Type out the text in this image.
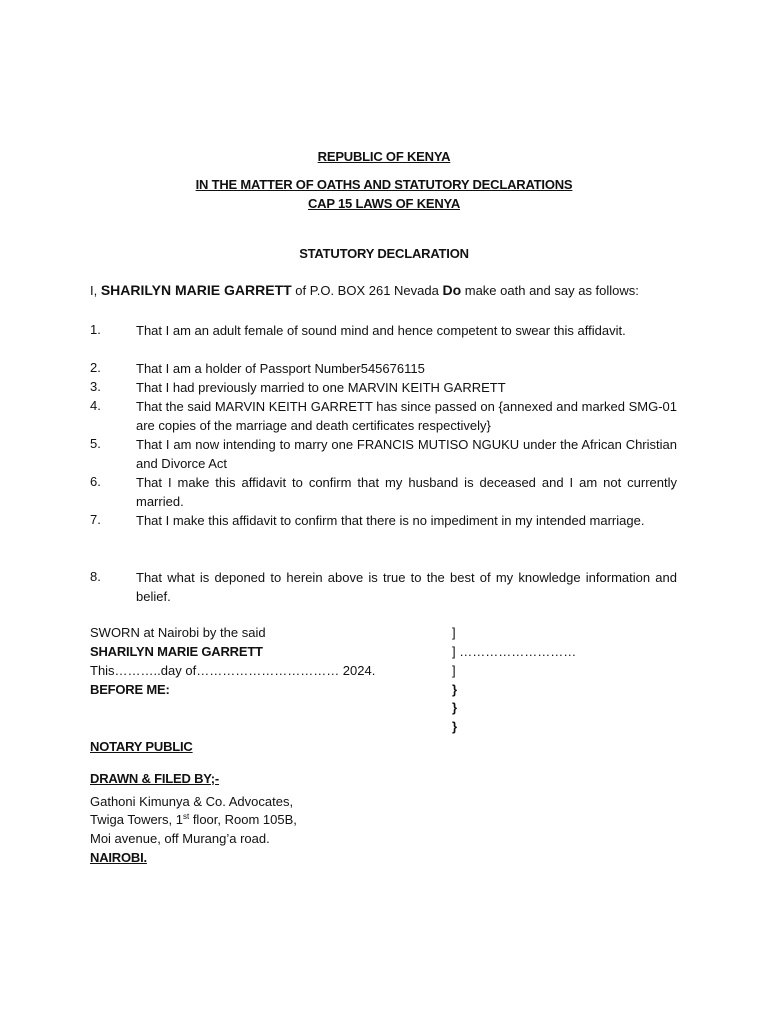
REPUBLIC OF KENYA
IN THE MATTER OF OATHS AND STATUTORY DECLARATIONS
CAP 15 LAWS OF KENYA
STATUTORY DECLARATION
I, SHARILYN MARIE GARRETT of P.O. BOX 261 Nevada Do make oath and say as follows:
1.	That I am an adult female of sound mind and hence competent to swear this affidavit.
2.	That I am a holder of Passport Number545676115
3.	That I had previously married to one MARVIN KEITH GARRETT
4.	That the said MARVIN KEITH GARRETT has since passed on {annexed and marked SMG-01 are copies of the marriage and death certificates respectively}
5.	That I am now intending to marry one FRANCIS MUTISO NGUKU under the African Christian and Divorce Act
6.	That I make this affidavit to confirm that my husband is deceased and I am not currently married.
7.	That I make this affidavit to confirm that there is no impediment in my intended marriage.
8.	That what is deponed to herein above is true to the best of my knowledge information and belief.
SWORN at Nairobi by the said
SHARILYN MARIE GARRETT
This………..day of…………………………… 2024.
BEFORE ME:
]
] ………………………
]
}
}
}
NOTARY PUBLIC
DRAWN & FILED BY;-
Gathoni Kimunya & Co. Advocates,
Twiga Towers, 1st floor, Room 105B,
Moi avenue, off Murang’a road.
NAIROBI.
